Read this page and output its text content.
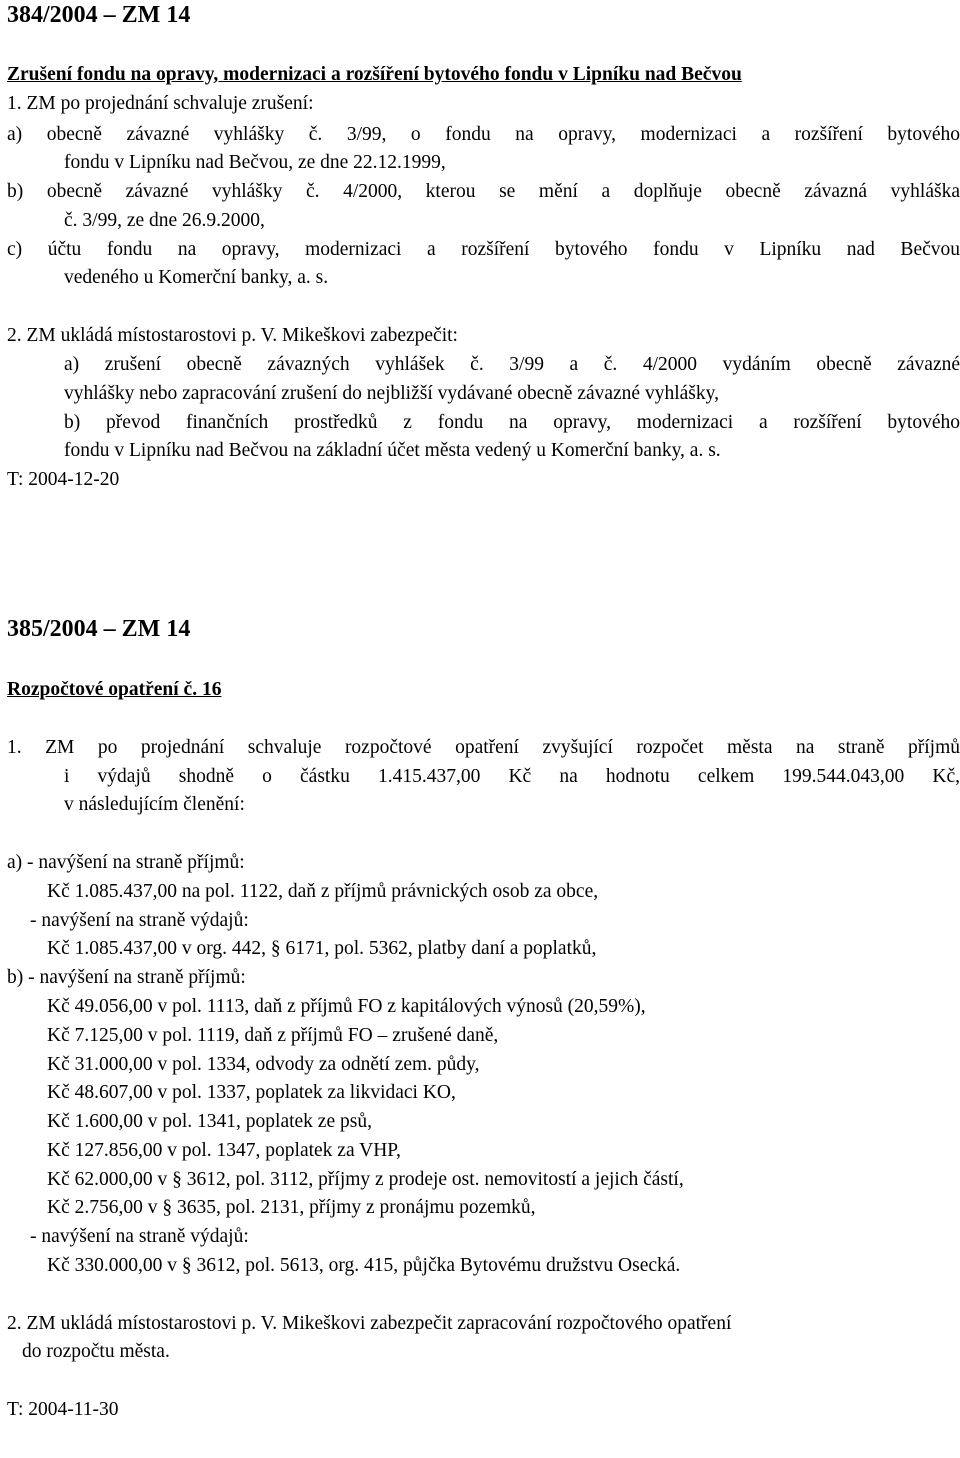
384/2004 – ZM 14
Zrušení fondu na opravy, modernizaci a rozšíření bytového fondu v Lipníku nad Bečvou
1. ZM po projednání schvaluje zrušení:
a) obecně závazné vyhlášky č. 3/99, o fondu na opravy, modernizaci a rozšíření bytového
fondu v Lipníku nad Bečvou, ze dne 22.12.1999,
b) obecně závazné vyhlášky č. 4/2000, kterou se mění a doplňuje obecně závazná vyhláška
č. 3/99, ze dne 26.9.2000,
c) účtu fondu na opravy, modernizaci a rozšíření bytového fondu v Lipníku nad Bečvou
vedeného u Komerční banky, a. s.
2. ZM ukládá místostarostovi p. V. Mikeškovi zabezpečit:
a) zrušení obecně závazných vyhlášek č. 3/99 a č. 4/2000 vydáním obecně závazné
vyhlášky nebo zapracování zrušení do nejbližší vydávané obecně závazné vyhlášky,
b) převod finančních prostředků z fondu na opravy, modernizaci a rozšíření bytového
fondu v Lipníku nad Bečvou na základní účet města vedený u Komerční banky, a. s.
T: 2004-12-20
385/2004 – ZM 14
Rozpočtové opatření č. 16
1. ZM po projednání schvaluje rozpočtové opatření zvyšující rozpočet města na straně příjmů
i výdajů shodně o částku 1.415.437,00 Kč na hodnotu celkem 199.544.043,00 Kč,
v následujícím členění:
a) - navýšení na straně příjmů:
Kč 1.085.437,00 na pol. 1122, daň z příjmů právnických osob za obce,
- navýšení na straně výdajů:
Kč 1.085.437,00 v org. 442, § 6171, pol. 5362, platby daní a poplatků,
b) - navýšení na straně příjmů:
Kč 49.056,00 v pol. 1113, daň z příjmů FO z kapitálových výnosů (20,59%),
Kč 7.125,00 v pol. 1119, daň z příjmů FO – zrušené daně,
Kč 31.000,00 v pol. 1334, odvody za odnětí zem. půdy,
Kč 48.607,00 v pol. 1337, poplatek za likvidaci KO,
Kč 1.600,00 v pol. 1341, poplatek ze psů,
Kč 127.856,00 v pol. 1347, poplatek za VHP,
Kč 62.000,00 v § 3612, pol. 3112, příjmy z prodeje ost. nemovitostí a jejich částí,
Kč 2.756,00 v § 3635, pol. 2131, příjmy z pronájmu pozemků,
- navýšení na straně výdajů:
Kč 330.000,00 v § 3612, pol. 5613, org. 415, půjčka Bytovému družstvu Osecká.
2. ZM ukládá místostarostovi p. V. Mikeškovi zabezpečit zapracování rozpočtového opatření
do rozpočtu města.
T: 2004-11-30
